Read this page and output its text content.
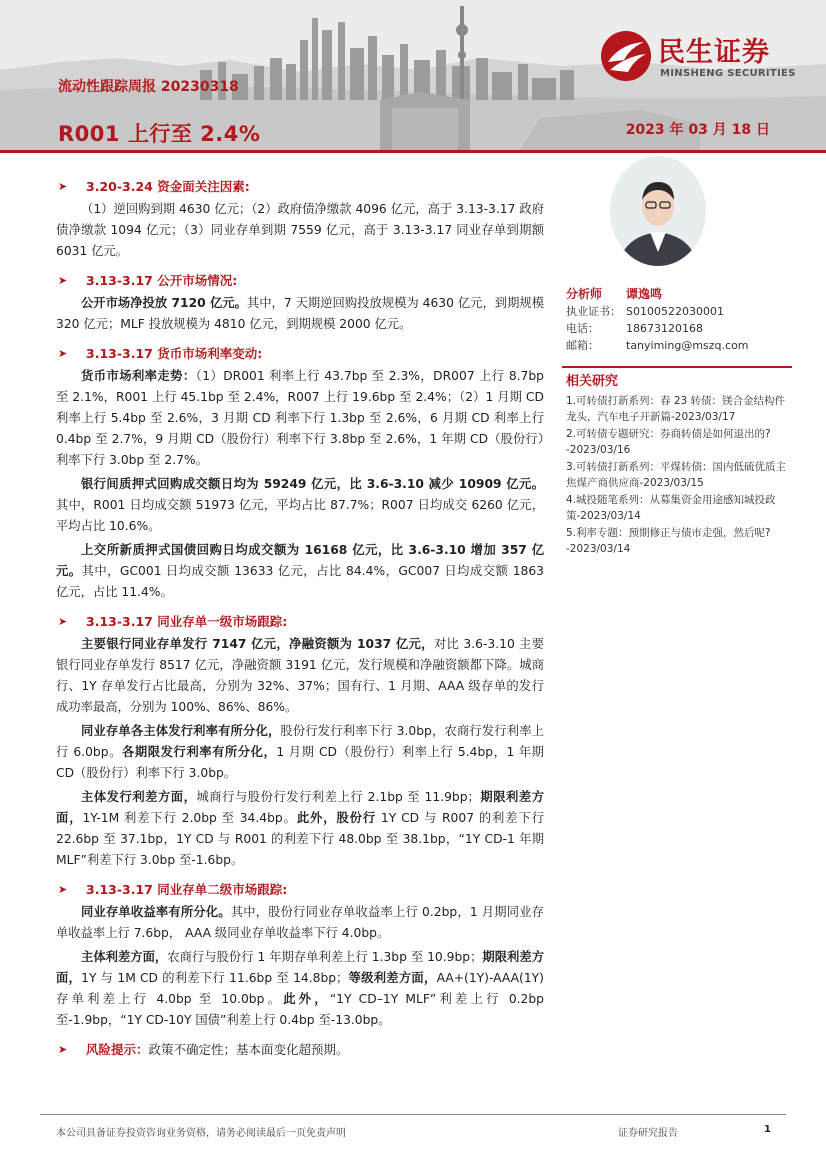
民生证券
MINSHENG SECURITIES
流动性跟踪周报 20230318
R001 上行至 2.4%	2023 年 03 月 18 日
➤ 3.20-3.24 资金面关注因素:
（1）逆回购到期 4630 亿元；（2）政府债净缴款 4096 亿元，高于 3.13-3.17 政府债净缴款 1094 亿元；（3）同业存单到期 7559 亿元，高于 3.13-3.17 同业存单到期额 6031 亿元。
➤ 3.13-3.17 公开市场情况:
公开市场净投放 7120 亿元。其中，7 天期逆回购投放规模为 4630 亿元，到期规模 320 亿元；MLF 投放规模为 4810 亿元，到期规模 2000 亿元。
➤ 3.13-3.17 货币市场利率变动:
货币市场利率走势：（1）DR001 利率上行 43.7bp 至 2.3%，DR007 上行 8.7bp 至 2.1%，R001 上行 45.1bp 至 2.4%，R007 上行 19.6bp 至 2.4%；（2）1 月期 CD 利率上行 5.4bp 至 2.6%，3 月期 CD 利率下行 1.3bp 至 2.6%，6 月期 CD 利率上行 0.4bp 至 2.7%，9 月期 CD（股份行）利率下行 3.8bp 至 2.6%，1 年期 CD（股份行）利率下行 3.0bp 至 2.7%。
银行间质押式回购成交额日均为 59249 亿元，比 3.6-3.10 减少 10909 亿元。其中，R001 日均成交额 51973 亿元，平均占比 87.7%；R007 日均成交 6260 亿元，平均占比 10.6%。
上交所新质押式国债回购日均成交额为 16168 亿元，比 3.6-3.10 增加 357 亿元。其中，GC001 日均成交额 13633 亿元，占比 84.4%，GC007 日均成交额 1863 亿元，占比 11.4%。
➤ 3.13-3.17 同业存单一级市场跟踪:
主要银行同业存单发行 7147 亿元，净融资额为 1037 亿元，对比 3.6-3.10 主要银行同业存单发行 8517 亿元，净融资额 3191 亿元，发行规模和净融资额都下降。城商行、1Y 存单发行占比最高，分别为 32%、37%；国有行、1 月期、AAA 级存单的发行成功率最高，分别为 100%、86%、86%。
同业存单各主体发行利率有所分化，股份行发行利率下行 3.0bp，农商行发行利率上行 6.0bp。各期限发行利率有所分化，1 月期 CD（股份行）利率上行 5.4bp，1 年期 CD（股份行）利率下行 3.0bp。
主体发行利差方面，城商行与股份行发行利差上行 2.1bp 至 11.9bp；期限利差方面，1Y-1M 利差下行 2.0bp 至 34.4bp。此外，股份行 1Y CD 与 R007 的利差下行 22.6bp 至 37.1bp，1Y CD 与 R001 的利差下行 48.0bp 至 38.1bp，“1Y CD-1 年期 MLF”利差下行 3.0bp 至-1.6bp。
➤ 3.13-3.17 同业存单二级市场跟踪:
同业存单收益率有所分化。其中，股份行同业存单收益率上行 0.2bp，1 月期同业存单收益率上行 7.6bp， AAA 级同业存单收益率下行 4.0bp。
主体利差方面，农商行与股份行 1 年期存单利差上行 1.3bp 至 10.9bp；期限利差方面，1Y 与 1M CD 的利差下行 11.6bp 至 14.8bp；等级利差方面，AA+(1Y)-AAA(1Y)存单利差上行 4.0bp 至 10.0bp。此外，“1Y CD–1Y MLF”利差上行 0.2bp 至-1.9bp，“1Y CD-10Y 国债”利差上行 0.4bp 至-13.0bp。
➤ 风险提示：政策不确定性；基本面变化超预期。
分析师	谭逸鸣
执业证书： S0100522030001
电话：	18673120168
邮箱：	tanyiming@mszq.com
相关研究
1.可转债打新系列：春 23 转债：镁合金结构件龙头，汽车电子开新篇-2023/03/17
2.可转债专题研究：券商转债是如何退出的?-2023/03/16
3.可转债打新系列：平煤转债：国内低硫优质主焦煤产商供应商-2023/03/15
4.城投随笔系列：从募集资金用途感知城投政策-2023/03/14
5.利率专题：预期修正与债市走强，然后呢?-2023/03/14
本公司具备证券投资咨询业务资格，请务必阅读最后一页免责声明	证券研究报告	1
